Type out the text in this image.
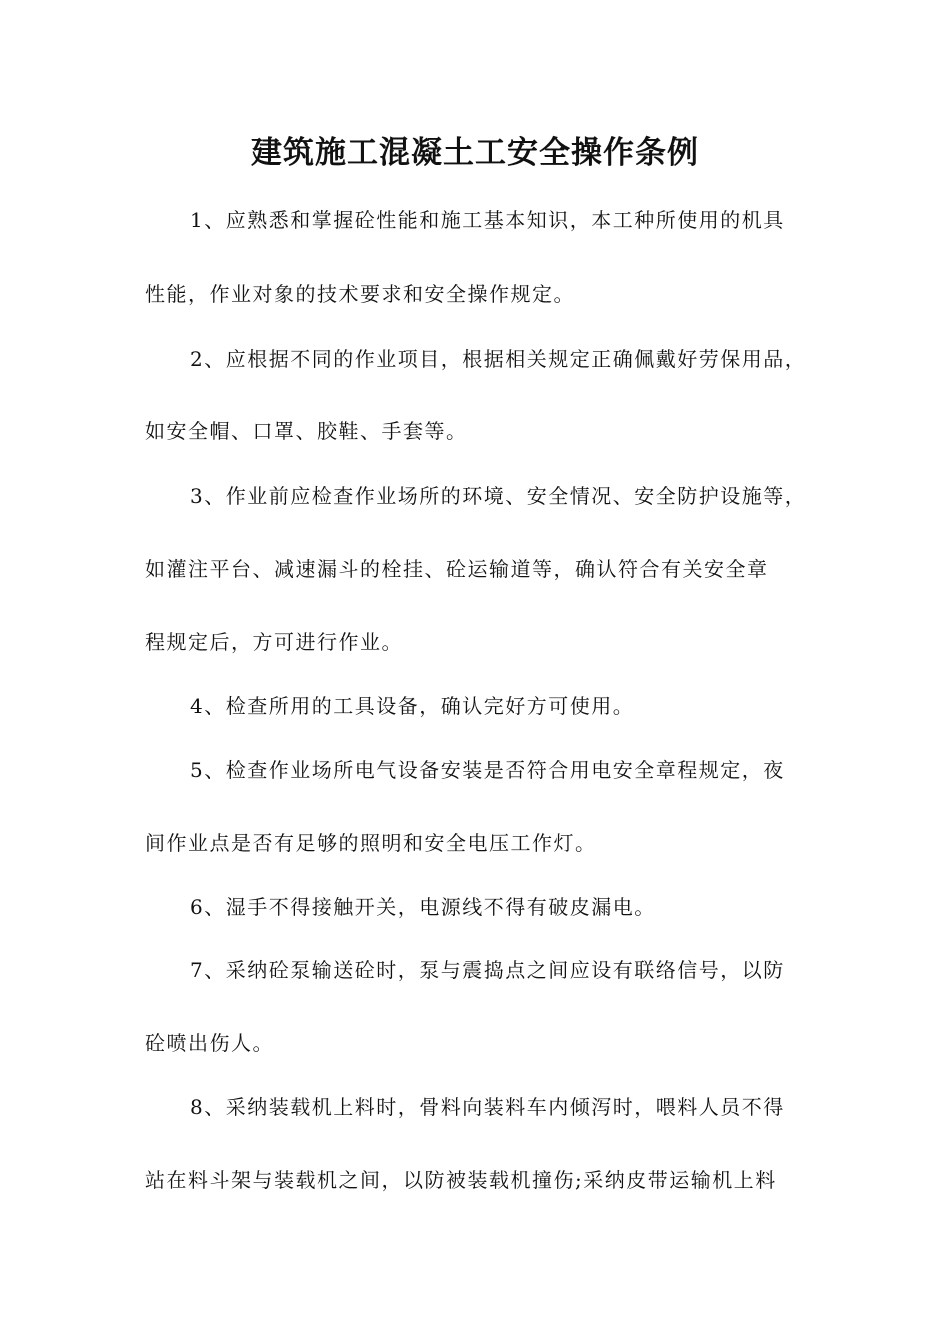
建筑施工混凝土工安全操作条例
1、应熟悉和掌握砼性能和施工基本知识，本工种所使用的机具
性能，作业对象的技术要求和安全操作规定。
2、应根据不同的作业项目，根据相关规定正确佩戴好劳保用品，
如安全帽、口罩、胶鞋、手套等。
3、作业前应检查作业场所的环境、安全情况、安全防护设施等，
如灌注平台、减速漏斗的栓挂、砼运输道等，确认符合有关安全章
程规定后，方可进行作业。
4、检查所用的工具设备，确认完好方可使用。
5、检查作业场所电气设备安装是否符合用电安全章程规定，夜
间作业点是否有足够的照明和安全电压工作灯。
6、湿手不得接触开关，电源线不得有破皮漏电。
7、采纳砼泵输送砼时，泵与震捣点之间应设有联络信号，以防
砼喷出伤人。
8、采纳装载机上料时，骨料向装料车内倾泻时，喂料人员不得
站在料斗架与装载机之间，以防被装载机撞伤;采纳皮带运输机上料
